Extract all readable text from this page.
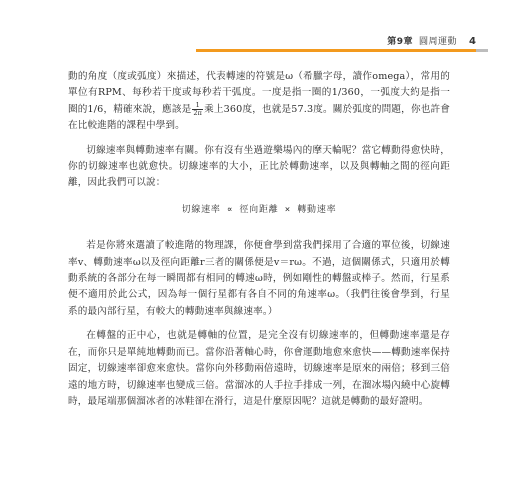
第9章 圓周運動 4

動的角度（度或弧度）來描述，代表轉速的符號是ω（希臘字母，讀作omega），常用的單位有RPM、每秒若干度或每秒若干弧度。一度是指一圈的1/360，一弧度大約是指一圈的1/6，精確來說，應該是 $\frac{1}{2\pi}$ 乘上360度，也就是57.3度。關於弧度的問題，你也許會在比較進階的課程中學到。

切線速率與轉動速率有關。你有沒有坐過遊樂場內的摩天輪呢？當它轉動得愈快時，你的切線速率也就愈快。切線速率的大小，正比於轉動速率，以及與轉軸之間的徑向距離，因此我們可以說：

切線速率 ∝ 徑向距離 × 轉動速率

若是你將來選讀了較進階的物理課，你便會學到當我們採用了合適的單位後，切線速率v、轉動速率ω以及徑向距離r三者的關係便是v＝rω。不過，這個關係式，只適用於轉動系統的各部分在每一瞬間都有相同的轉速ω時，例如剛性的轉盤或棒子。然而，行星系便不適用於此公式，因為每一個行星都有各自不同的角速率ω。（我們往後會學到，行星系的最內部行星，有較大的轉動速率與線速率。）

在轉盤的正中心，也就是轉軸的位置，是完全沒有切線速率的，但轉動速率還是存在，而你只是單純地轉動而已。當你沿著軸心時，你會運動地愈來愈快——轉動速率保持固定，切線速率卻愈來愈快。當你向外移動兩倍遠時，切線速率是原來的兩倍；移到三倍遠的地方時，切線速率也變成三倍。當溜冰的人手拉手排成一列，在溜冰場內繞中心旋轉時，最尾端那個溜冰者的冰鞋卻在滑行，這是什麼原因呢？這就是轉動的最好證明。
